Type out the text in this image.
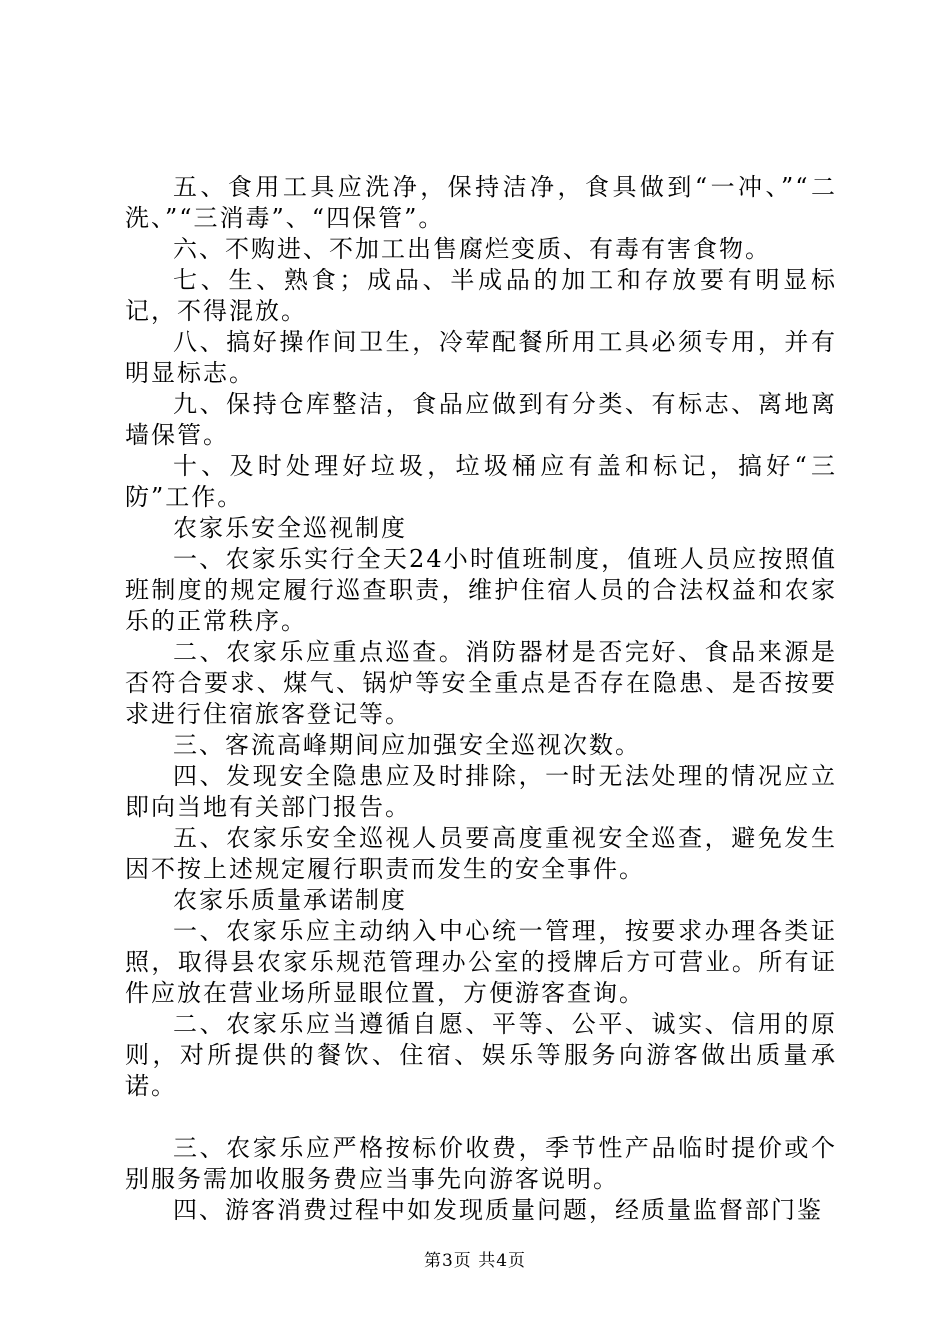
五、食用工具应洗净，保持洁净，食具做到“一冲、”“二洗、”“三消毒”、“四保管”。

六、不购进、不加工出售腐烂变质、有毒有害食物。

七、生、熟食；成品、半成品的加工和存放要有明显标记，不得混放。

八、搞好操作间卫生，冷荤配餐所用工具必须专用，并有明显标志。

九、保持仓库整洁，食品应做到有分类、有标志、离地离墙保管。

十、及时处理好垃圾，垃圾桶应有盖和标记，搞好“三防”工作。

农家乐安全巡视制度

一、农家乐实行全天24小时值班制度，值班人员应按照值班制度的规定履行巡查职责，维护住宿人员的合法权益和农家乐的正常秩序。

二、农家乐应重点巡查。消防器材是否完好、食品来源是否符合要求、煤气、锅炉等安全重点是否存在隐患、是否按要求进行住宿旅客登记等。

三、客流高峰期间应加强安全巡视次数。

四、发现安全隐患应及时排除，一时无法处理的情况应立即向当地有关部门报告。

五、农家乐安全巡视人员要高度重视安全巡查，避免发生因不按上述规定履行职责而发生的安全事件。

农家乐质量承诺制度

一、农家乐应主动纳入中心统一管理，按要求办理各类证照，取得县农家乐规范管理办公室的授牌后方可营业。所有证件应放在营业场所显眼位置，方便游客查询。

二、农家乐应当遵循自愿、平等、公平、诚实、信用的原则，对所提供的餐饮、住宿、娱乐等服务向游客做出质量承诺。

三、农家乐应严格按标价收费，季节性产品临时提价或个别服务需加收服务费应当事先向游客说明。

四、游客消费过程中如发现质量问题，经质量监督部门鉴

第3页 共4页
